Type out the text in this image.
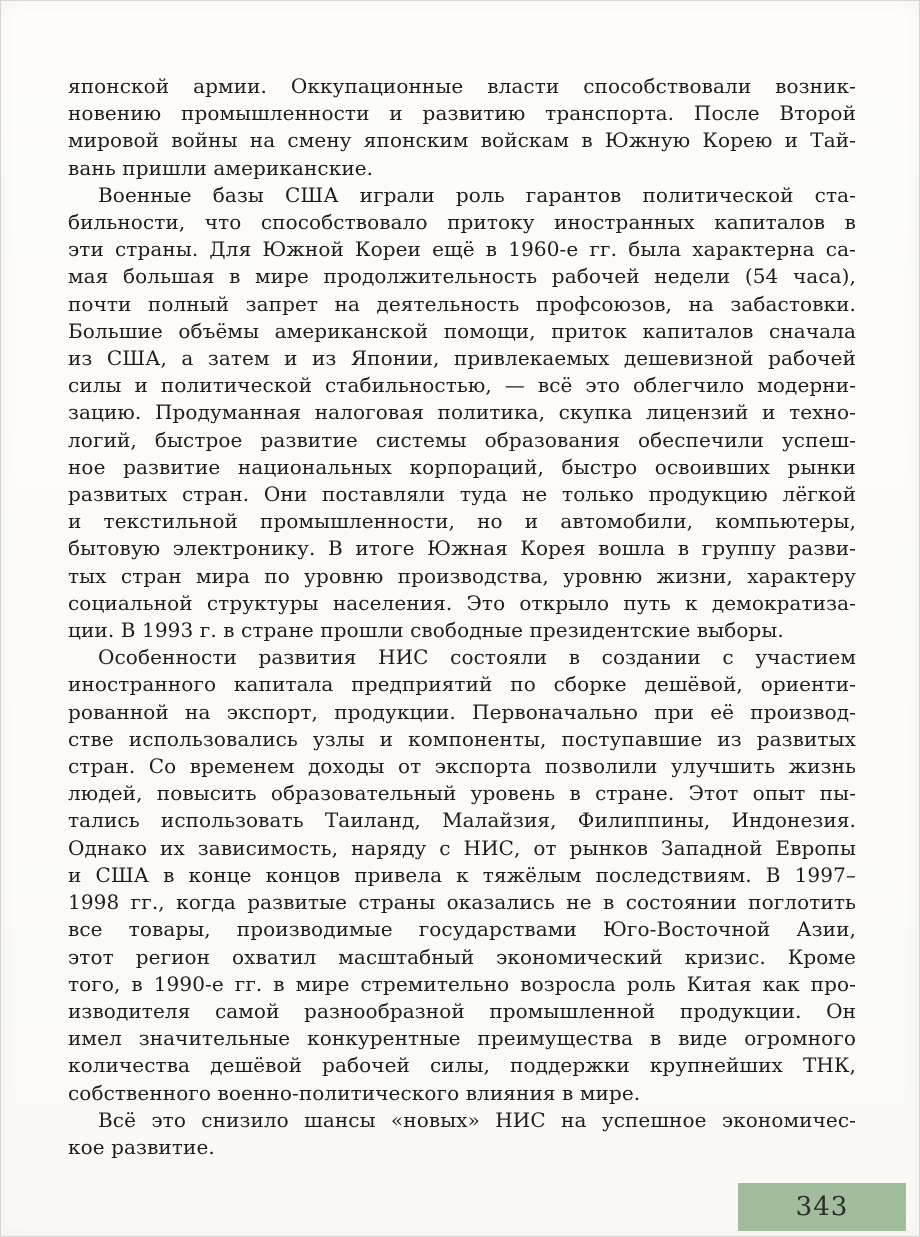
японской армии. Оккупационные власти способствовали возник-
новению промышленности и развитию транспорта. После Второй
мировой войны на смену японским войскам в Южную Корею и Тай-
вань пришли американские.
Военные базы США играли роль гарантов политической ста-
бильности, что способствовало притоку иностранных капиталов в
эти страны. Для Южной Кореи ещё в 1960-е гг. была характерна са-
мая большая в мире продолжительность рабочей недели (54 часа),
почти полный запрет на деятельность профсоюзов, на забастовки.
Большие объёмы американской помощи, приток капиталов сначала
из США, а затем и из Японии, привлекаемых дешевизной рабочей
силы и политической стабильностью, — всё это облегчило модерни-
зацию. Продуманная налоговая политика, скупка лицензий и техно-
логий, быстрое развитие системы образования обеспечили успеш-
ное развитие национальных корпораций, быстро освоивших рынки
развитых стран. Они поставляли туда не только продукцию лёгкой
и текстильной промышленности, но и автомобили, компьютеры,
бытовую электронику. В итоге Южная Корея вошла в группу разви-
тых стран мира по уровню производства, уровню жизни, характеру
социальной структуры населения. Это открыло путь к демократиза-
ции. В 1993 г. в стране прошли свободные президентские выборы.
Особенности развития НИС состояли в создании с участием
иностранного капитала предприятий по сборке дешёвой, ориенти-
рованной на экспорт, продукции. Первоначально при её производ-
стве использовались узлы и компоненты, поступавшие из развитых
стран. Со временем доходы от экспорта позволили улучшить жизнь
людей, повысить образовательный уровень в стране. Этот опыт пы-
тались использовать Таиланд, Малайзия, Филиппины, Индонезия.
Однако их зависимость, наряду с НИС, от рынков Западной Европы
и США в конце концов привела к тяжёлым последствиям. В 1997–
1998 гг., когда развитые страны оказались не в состоянии поглотить
все товары, производимые государствами Юго-Восточной Азии,
этот регион охватил масштабный экономический кризис. Кроме
того, в 1990-е гг. в мире стремительно возросла роль Китая как про-
изводителя самой разнообразной промышленной продукции. Он
имел значительные конкурентные преимущества в виде огромного
количества дешёвой рабочей силы, поддержки крупнейших ТНК,
собственного военно-политического влияния в мире.
Всё это снизило шансы «новых» НИС на успешное экономичес-
кое развитие.
343
